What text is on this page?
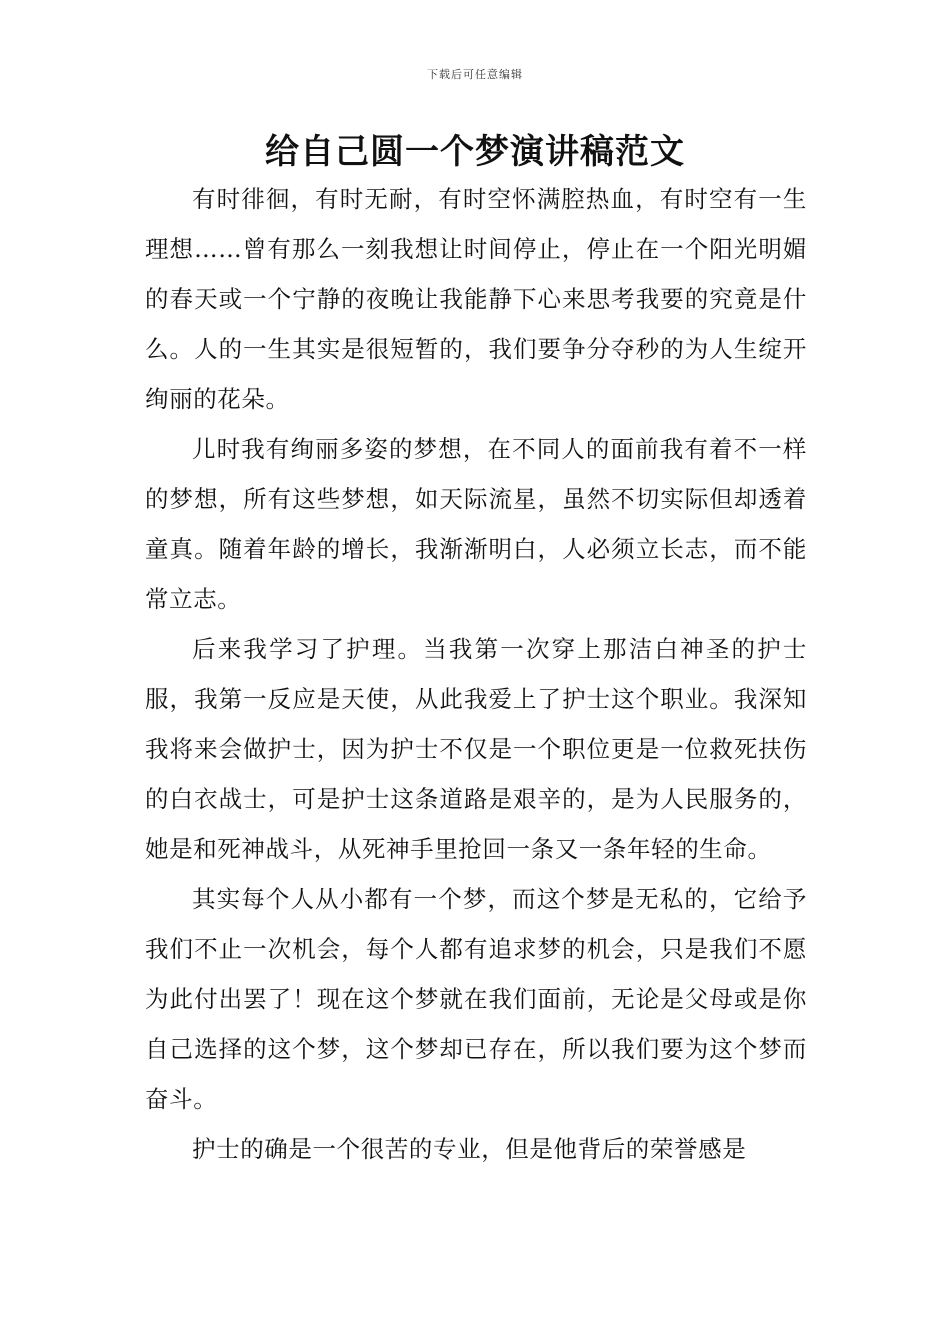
下载后可任意编辑
给自己圆一个梦演讲稿范文

有时徘徊，有时无耐，有时空怀满腔热血，有时空有一生理想……曾有那么一刻我想让时间停止，停止在一个阳光明媚的春天或一个宁静的夜晚让我能静下心来思考我要的究竟是什么。人的一生其实是很短暂的，我们要争分夺秒的为人生绽开绚丽的花朵。

儿时我有绚丽多姿的梦想，在不同人的面前我有着不一样的梦想，所有这些梦想，如天际流星，虽然不切实际但却透着童真。随着年龄的增长，我渐渐明白，人必须立长志，而不能常立志。

后来我学习了护理。当我第一次穿上那洁白神圣的护士服，我第一反应是天使，从此我爱上了护士这个职业。我深知我将来会做护士，因为护士不仅是一个职位更是一位救死扶伤的白衣战士，可是护士这条道路是艰辛的，是为人民服务的，她是和死神战斗，从死神手里抢回一条又一条年轻的生命。

其实每个人从小都有一个梦，而这个梦是无私的，它给予我们不止一次机会，每个人都有追求梦的机会，只是我们不愿为此付出罢了！现在这个梦就在我们面前，无论是父母或是你自己选择的这个梦，这个梦却已存在，所以我们要为这个梦而奋斗。

护士的确是一个很苦的专业，但是他背后的荣誉感是
